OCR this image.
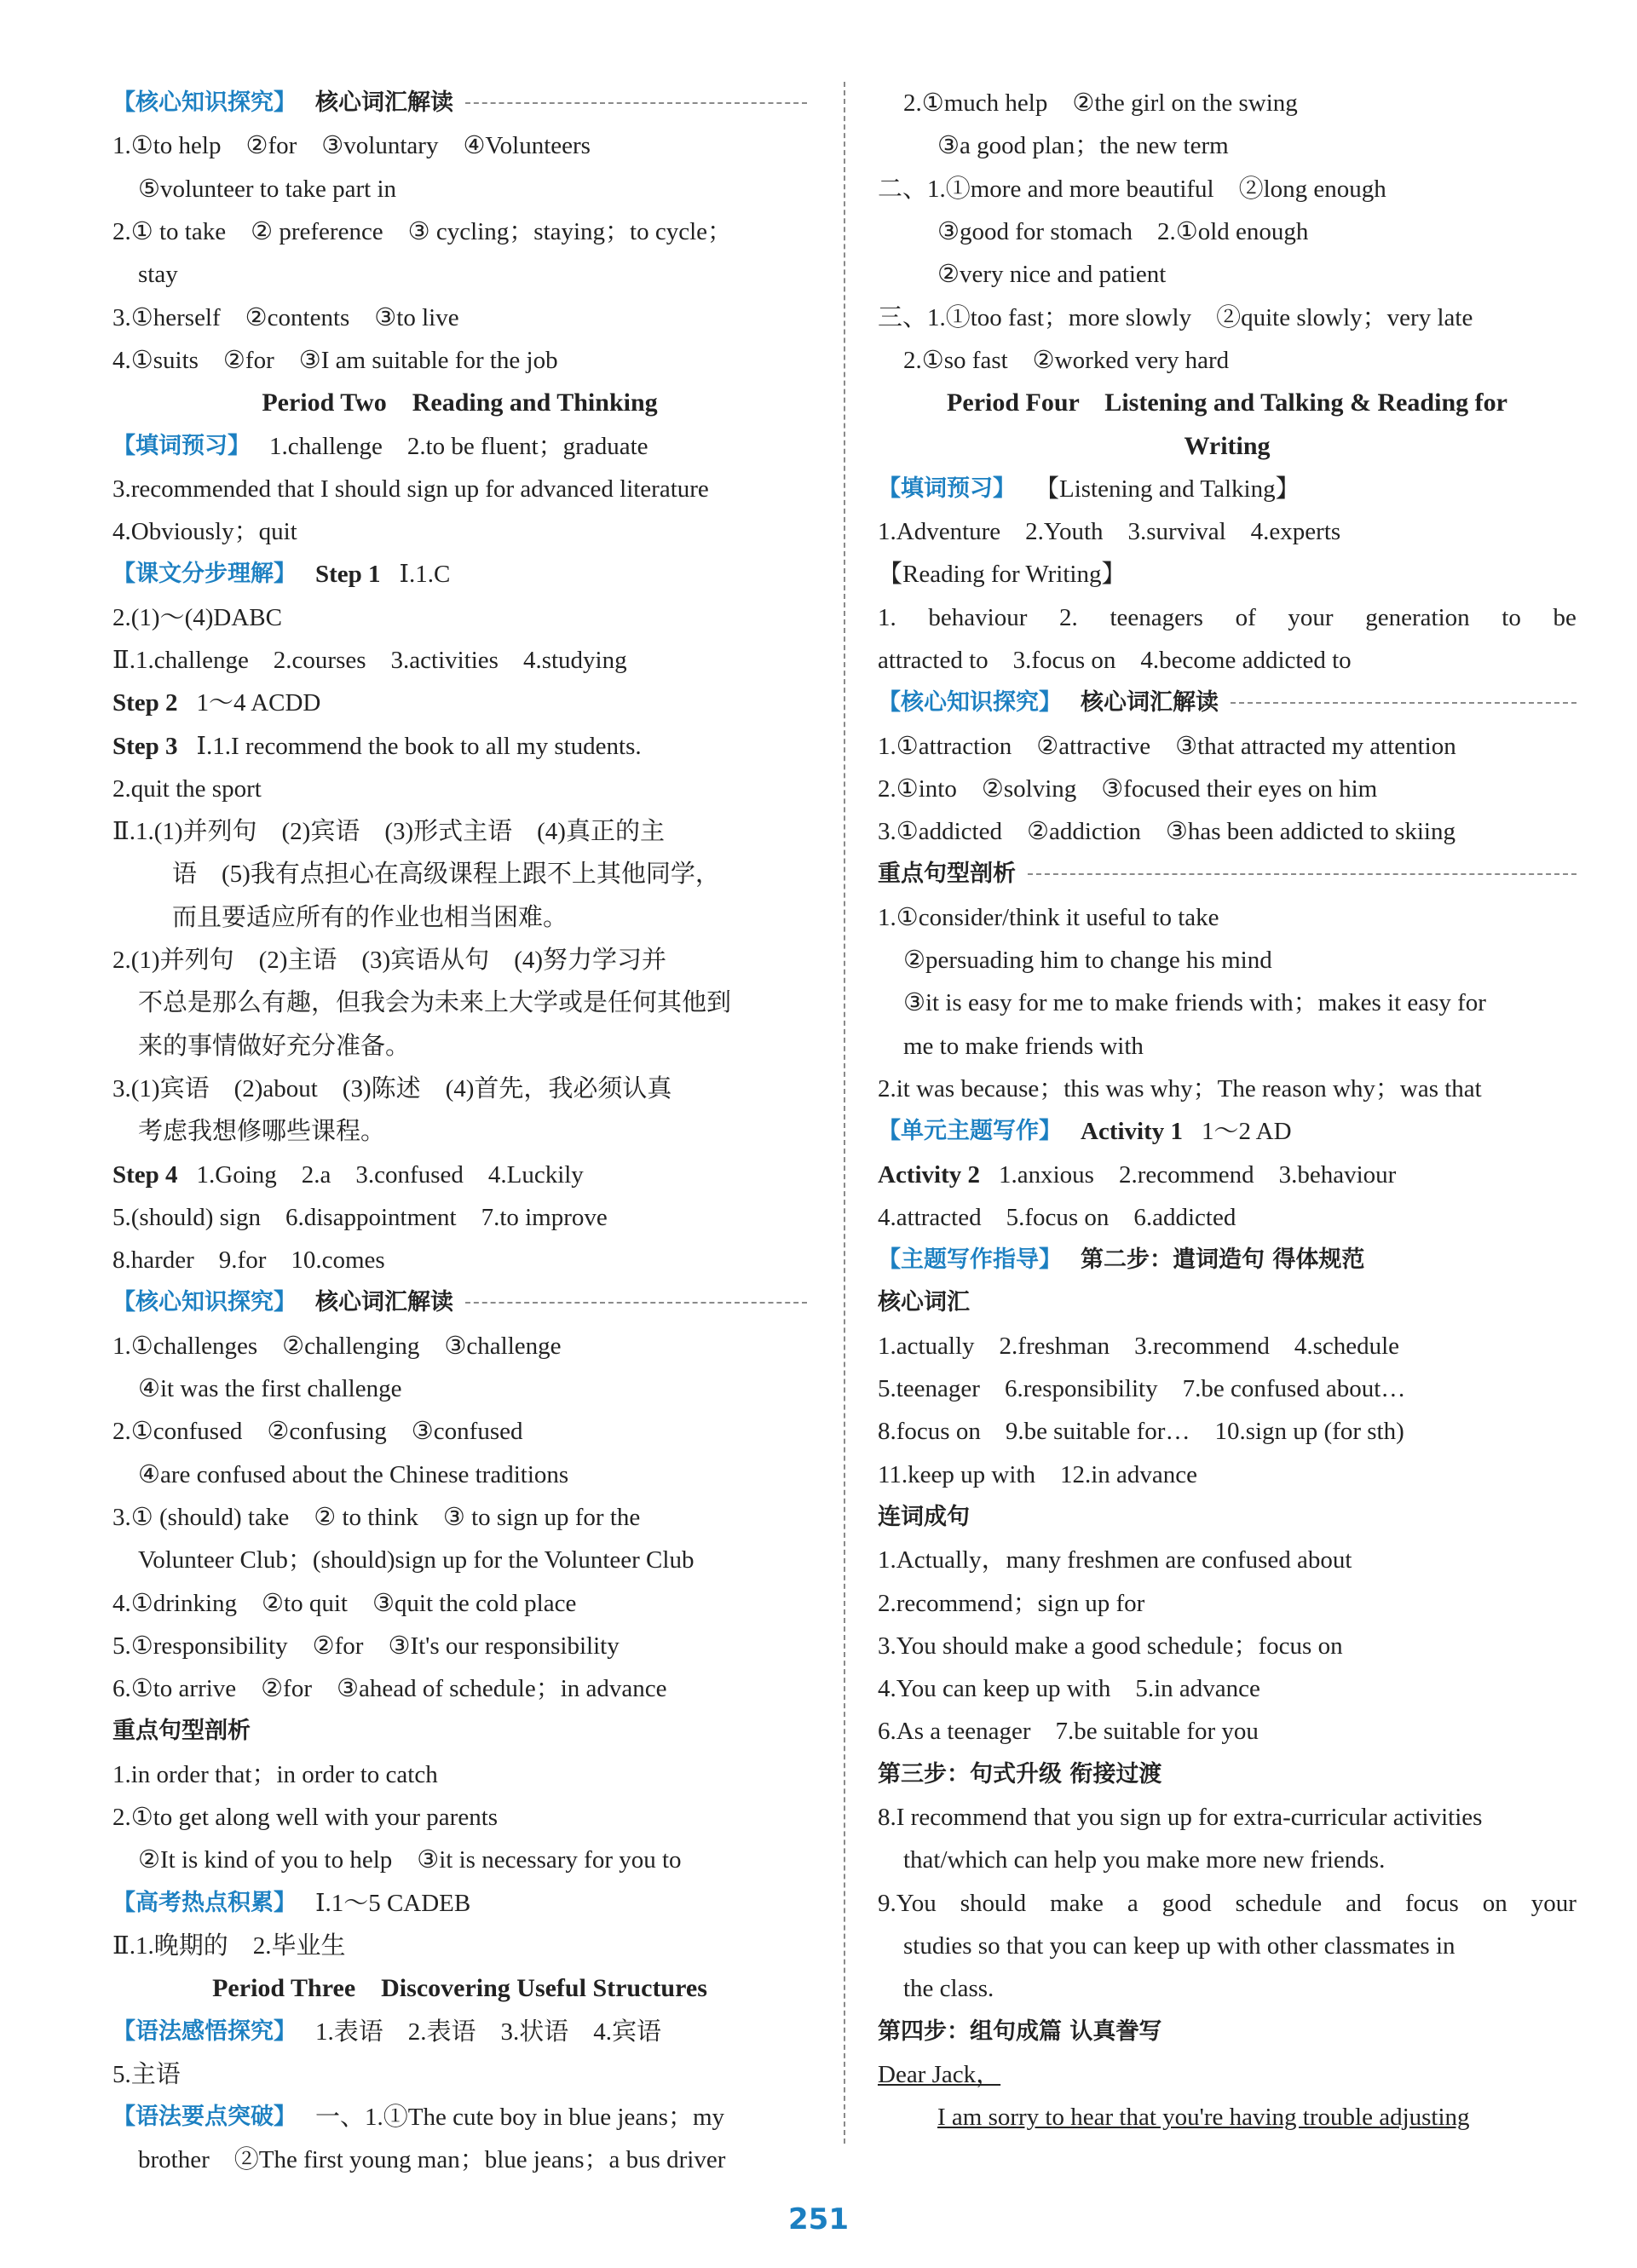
【核心知识探究】 核心词汇解读
1.①to help　②for　③voluntary　④Volunteers
⑤volunteer to take part in
2.① to take　② preference　③ cycling；staying；to cycle；
stay
3.①herself　②contents　③to live
4.①suits　②for　③I am suitable for the job
Period Two　Reading and Thinking
【填词预习】 1.challenge　2.to be fluent；graduate
3.recommended that I should sign up for advanced literature
4.Obviously；quit
【课文分步理解】 Step 1 Ⅰ.1.C
2.(1)～(4)DABC
Ⅱ.1.challenge　2.courses　3.activities　4.studying
Step 2 1～4 ACDD
Step 3 Ⅰ.1.I recommend the book to all my students.
2.quit the sport
Ⅱ.1.(1)并列句　(2)宾语　(3)形式主语　(4)真正的主
语　(5)我有点担心在高级课程上跟不上其他同学，
而且要适应所有的作业也相当困难。
2.(1)并列句　(2)主语　(3)宾语从句　(4)努力学习并
不总是那么有趣，但我会为未来上大学或是任何其他到
来的事情做好充分准备。
3.(1)宾语　(2)about　(3)陈述　(4)首先，我必须认真
考虑我想修哪些课程。
Step 4 1.Going　2.a　3.confused　4.Luckily
5.(should) sign　6.disappointment　7.to improve
8.harder　9.for　10.comes
【核心知识探究】 核心词汇解读
1.①challenges　②challenging　③challenge
④it was the first challenge
2.①confused　②confusing　③confused
④are confused about the Chinese traditions
3.① (should) take　② to think　③ to sign up for the
Volunteer Club；(should)sign up for the Volunteer Club
4.①drinking　②to quit　③quit the cold place
5.①responsibility　②for　③It's our responsibility
6.①to arrive　②for　③ahead of schedule；in advance
重点句型剖析
1.in order that；in order to catch
2.①to get along well with your parents
②It is kind of you to help　③it is necessary for you to
【高考热点积累】 Ⅰ.1～5 CADEB
Ⅱ.1.晚期的　2.毕业生
Period Three　Discovering Useful Structures
【语法感悟探究】 1.表语　2.表语　3.状语　4.宾语
5.主语
【语法要点突破】 一、1.①The cute boy in blue jeans；my
brother　②The first young man；blue jeans；a bus driver
2.①much help　②the girl on the swing
③a good plan；the new term
二、1.①more and more beautiful　②long enough
③good for stomach　2.①old enough
②very nice and patient
三、1.①too fast；more slowly　②quite slowly；very late
2.①so fast　②worked very hard
Period Four　Listening and Talking & Reading for
Writing
【填词预习】 【Listening and Talking】
1.Adventure　2.Youth　3.survival　4.experts
【Reading for Writing】
1. behaviour 2. teenagers of your generation to be
attracted to　3.focus on　4.become addicted to
【核心知识探究】 核心词汇解读
1.①attraction　②attractive　③that attracted my attention
2.①into　②solving　③focused their eyes on him
3.①addicted　②addiction　③has been addicted to skiing
重点句型剖析
1.①consider/think it useful to take
②persuading him to change his mind
③it is easy for me to make friends with；makes it easy for
me to make friends with
2.it was because；this was why；The reason why；was that
【单元主题写作】 Activity 1 1～2 AD
Activity 2 1.anxious　2.recommend　3.behaviour
4.attracted　5.focus on　6.addicted
【主题写作指导】 第二步：遣词造句 得体规范
核心词汇
1.actually　2.freshman　3.recommend　4.schedule
5.teenager　6.responsibility　7.be confused about…
8.focus on　9.be suitable for…　10.sign up (for sth)
11.keep up with　12.in advance
连词成句
1.Actually，many freshmen are confused about
2.recommend；sign up for
3.You should make a good schedule；focus on
4.You can keep up with　5.in advance
6.As a teenager　7.be suitable for you
第三步：句式升级 衔接过渡
8.I recommend that you sign up for extra-curricular activities
that/which can help you make more new friends.
9.You should make a good schedule and focus on your
studies so that you can keep up with other classmates in
the class.
第四步：组句成篇 认真誊写
Dear Jack，
I am sorry to hear that you're having trouble adjusting
251
